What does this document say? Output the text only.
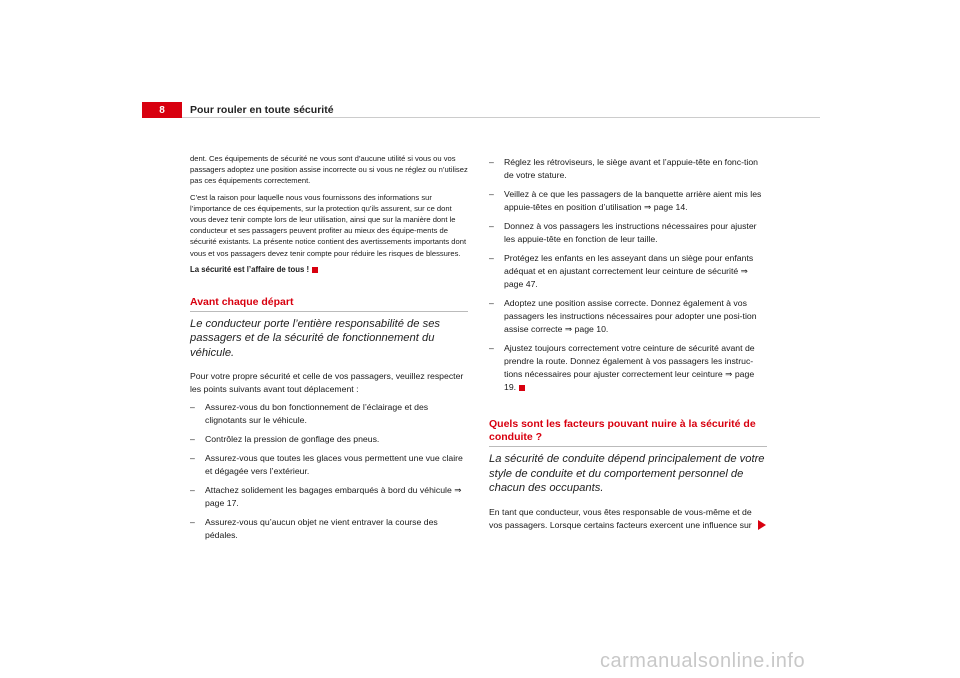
8	Pour rouler en toute sécurité

dent. Ces équipements de sécurité ne vous sont d’aucune utilité si vous ou vos passagers adoptez une position assise incorrecte ou si vous ne réglez ou n’utilisez pas ces équipements correctement.

C’est la raison pour laquelle nous vous fournissons des informations sur l’importance de ces équipements, sur la protection qu’ils assurent, sur ce dont vous devez tenir compte lors de leur utilisation, ainsi que sur la manière dont le conducteur et ses passagers peuvent profiter au mieux des équipe-ments de sécurité existants. La présente notice contient des avertissements importants dont vous et vos passagers devez tenir compte pour réduire les risques de blessures.

La sécurité est l’affaire de tous !

Avant chaque départ

Le conducteur porte l’entière responsabilité de ses passagers et de la sécurité de fonctionnement du véhicule.

Pour votre propre sécurité et celle de vos passagers, veuillez respecter les points suivants avant tout déplacement :

– Assurez-vous du bon fonctionnement de l’éclairage et des clignotants sur le véhicule.
– Contrôlez la pression de gonflage des pneus.
– Assurez-vous que toutes les glaces vous permettent une vue claire et dégagée vers l’extérieur.
– Attachez solidement les bagages embarqués à bord du véhicule ⇒ page 17.
– Assurez-vous qu’aucun objet ne vient entraver la course des pédales.
– Réglez les rétroviseurs, le siège avant et l’appuie-tête en fonc-tion de votre stature.
– Veillez à ce que les passagers de la banquette arrière aient mis les appuie-têtes en position d’utilisation ⇒ page 14.
– Donnez à vos passagers les instructions nécessaires pour ajuster les appuie-tête en fonction de leur taille.
– Protégez les enfants en les asseyant dans un siège pour enfants adéquat et en ajustant correctement leur ceinture de sécurité ⇒ page 47.
– Adoptez une position assise correcte. Donnez également à vos passagers les instructions nécessaires pour adopter une posi-tion assise correcte ⇒ page 10.
– Ajustez toujours correctement votre ceinture de sécurité avant de prendre la route. Donnez également à vos passagers les instruc-tions nécessaires pour ajuster correctement leur ceinture ⇒ page 19.
Quels sont les facteurs pouvant nuire à la sécurité de conduite ?

La sécurité de conduite dépend principalement de votre style de conduite et du comportement personnel de chacun des occupants.

En tant que conducteur, vous êtes responsable de vous-même et de vos passagers. Lorsque certains facteurs exercent une influence sur

carmanualsonline.info
